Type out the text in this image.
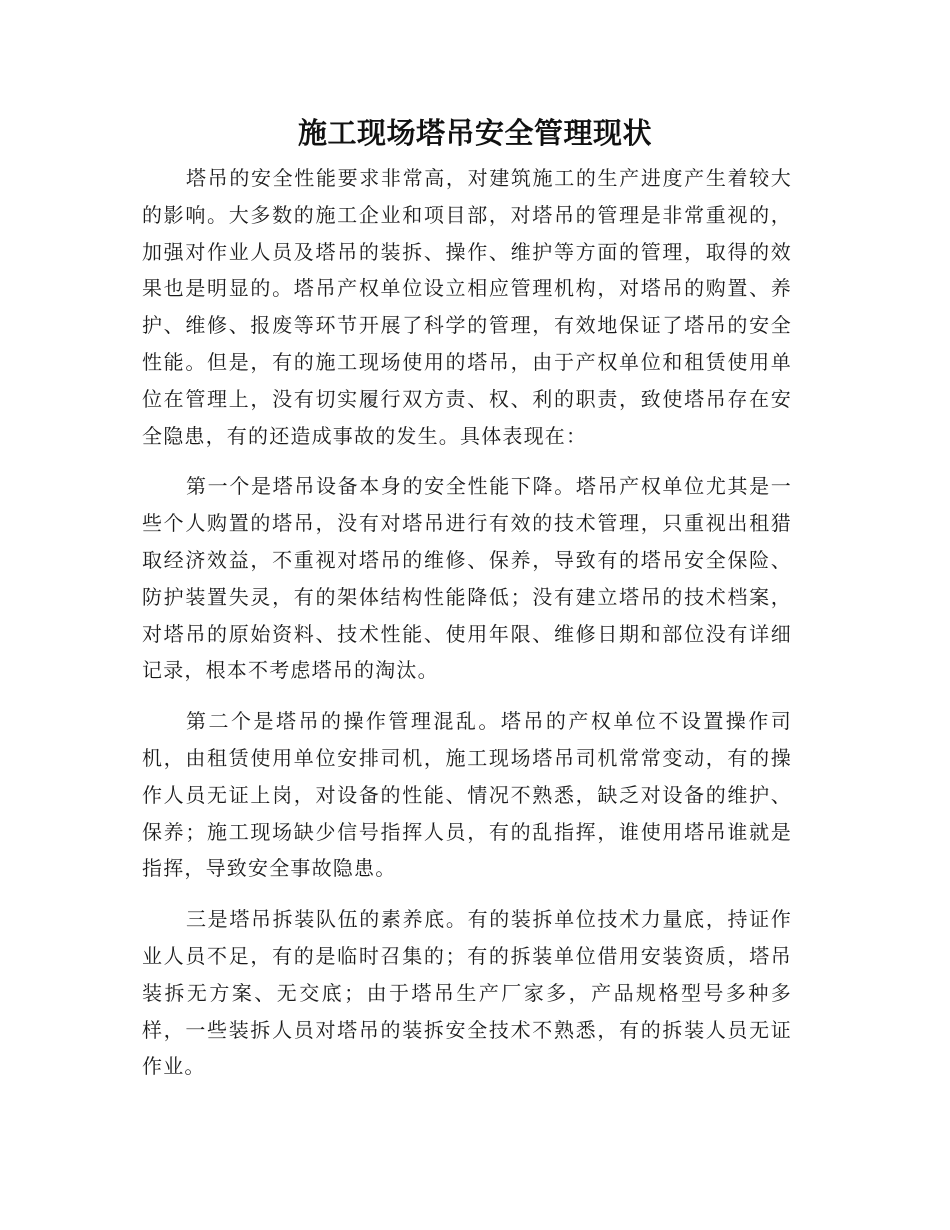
施工现场塔吊安全管理现状

塔吊的安全性能要求非常高，对建筑施工的生产进度产生着较大的影响。大多数的施工企业和项目部，对塔吊的管理是非常重视的，加强对作业人员及塔吊的装拆、操作、维护等方面的管理，取得的效果也是明显的。塔吊产权单位设立相应管理机构，对塔吊的购置、养护、维修、报废等环节开展了科学的管理，有效地保证了塔吊的安全性能。但是，有的施工现场使用的塔吊，由于产权单位和租赁使用单位在管理上，没有切实履行双方责、权、利的职责，致使塔吊存在安全隐患，有的还造成事故的发生。具体表现在：

第一个是塔吊设备本身的安全性能下降。塔吊产权单位尤其是一些个人购置的塔吊，没有对塔吊进行有效的技术管理，只重视出租猎取经济效益，不重视对塔吊的维修、保养，导致有的塔吊安全保险、防护装置失灵，有的架体结构性能降低；没有建立塔吊的技术档案，对塔吊的原始资料、技术性能、使用年限、维修日期和部位没有详细记录，根本不考虑塔吊的淘汰。

第二个是塔吊的操作管理混乱。塔吊的产权单位不设置操作司机，由租赁使用单位安排司机，施工现场塔吊司机常常变动，有的操作人员无证上岗，对设备的性能、情况不熟悉，缺乏对设备的维护、保养；施工现场缺少信号指挥人员，有的乱指挥，谁使用塔吊谁就是指挥，导致安全事故隐患。

三是塔吊拆装队伍的素养底。有的装拆单位技术力量底，持证作业人员不足，有的是临时召集的；有的拆装单位借用安装资质，塔吊装拆无方案、无交底；由于塔吊生产厂家多，产品规格型号多种多样，一些装拆人员对塔吊的装拆安全技术不熟悉，有的拆装人员无证作业。
